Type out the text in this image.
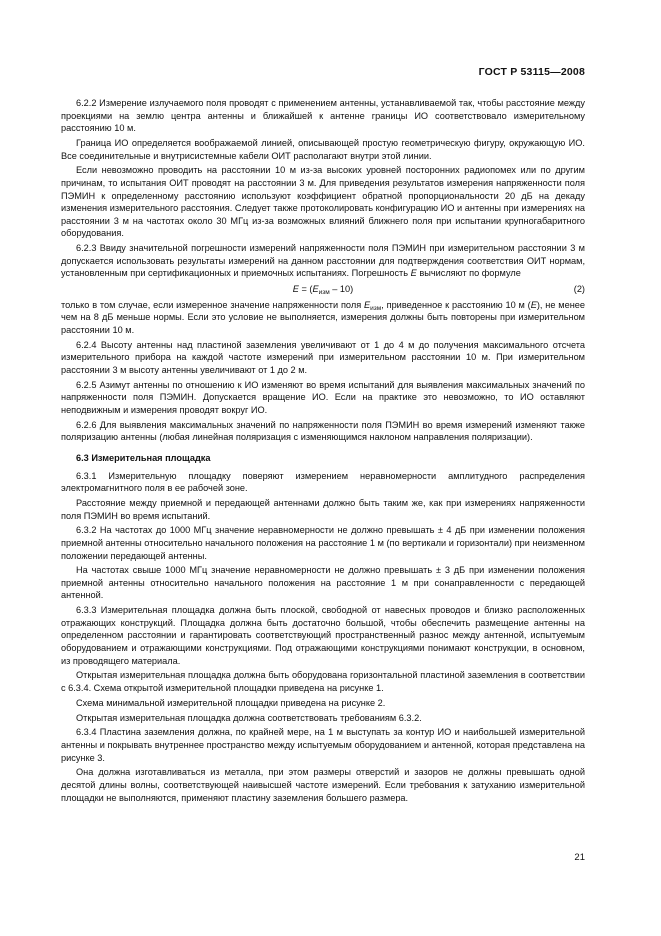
ГОСТ Р 53115—2008

6.2.2 Измерение излучаемого поля проводят с применением антенны, устанавливаемой так, чтобы расстояние между проекциями на землю центра антенны и ближайшей к антенне границы ИО соответствовало измерительному расстоянию 10 м.

Граница ИО определяется воображаемой линией, описывающей простую геометрическую фигуру, окружающую ИО. Все соединительные и внутрисистемные кабели ОИТ располагают внутри этой линии.

Если невозможно проводить на расстоянии 10 м из-за высоких уровней посторонних радиопомех или по другим причинам, то испытания ОИТ проводят на расстоянии 3 м. Для приведения результатов измерения напряженности поля ПЭМИН к определенному расстоянию используют коэффициент обратной пропорциональности 20 дБ на декаду изменения измерительного расстояния. Следует также протоколировать конфигурацию ИО и антенны при измерениях на расстоянии 3 м на частотах около 30 МГц из-за возможных влияний ближнего поля при испытании крупногабаритного оборудования.

6.2.3 Ввиду значительной погрешности измерений напряженности поля ПЭМИН при измерительном расстоянии 3 м допускается использовать результаты измерений на данном расстоянии для подтверждения соответствия ОИТ нормам, установленным при сертификационных и приемочных испытаниях. Погрешность E вычисляют по формуле

$E = (E_{изм} - 10)$	(2)

только в том случае, если измеренное значение напряженности поля $E_{изм}$, приведенное к расстоянию 10 м (E), не менее чем на 8 дБ меньше нормы. Если это условие не выполняется, измерения должны быть повторены при измерительном расстоянии 10 м.

6.2.4 Высоту антенны над пластиной заземления увеличивают от 1 до 4 м до получения максимального отсчета измерительного прибора на каждой частоте измерений при измерительном расстоянии 10 м. При измерительном расстоянии 3 м высоту антенны увеличивают от 1 до 2 м.

6.2.5 Азимут антенны по отношению к ИО изменяют во время испытаний для выявления максимальных значений по напряженности поля ПЭМИН. Допускается вращение ИО. Если на практике это невозможно, то ИО оставляют неподвижным и измерения проводят вокруг ИО.

6.2.6 Для выявления максимальных значений по напряженности поля ПЭМИН во время измерений изменяют также поляризацию антенны (любая линейная поляризация с изменяющимся наклоном направления поляризации).

6.3 Измерительная площадка

6.3.1 Измерительную площадку поверяют измерением неравномерности амплитудного распределения электромагнитного поля в ее рабочей зоне.

Расстояние между приемной и передающей антеннами должно быть таким же, как при измерениях напряженности поля ПЭМИН во время испытаний.

6.3.2 На частотах до 1000 МГц значение неравномерности не должно превышать ± 4 дБ при изменении положения приемной антенны относительно начального положения на расстояние 1 м (по вертикали и горизонтали) при неизменном положении передающей антенны.

На частотах свыше 1000 МГц значение неравномерности не должно превышать ± 3 дБ при изменении положения приемной антенны относительно начального положения на расстояние 1 м при сонаправленности с передающей антенной.

6.3.3 Измерительная площадка должна быть плоской, свободной от навесных проводов и близко расположенных отражающих конструкций. Площадка должна быть достаточно большой, чтобы обеспечить размещение антенны на определенном расстоянии и гарантировать соответствующий пространственный разнос между антенной, испытуемым оборудованием и отражающими конструкциями. Под отражающими конструкциями понимают конструкции, в основном, из проводящего материала.

Открытая измерительная площадка должна быть оборудована горизонтальной пластиной заземления в соответствии с 6.3.4. Схема открытой измерительной площадки приведена на рисунке 1.

Схема минимальной измерительной площадки приведена на рисунке 2.

Открытая измерительная площадка должна соответствовать требованиям 6.3.2.

6.3.4 Пластина заземления должна, по крайней мере, на 1 м выступать за контур ИО и наибольшей измерительной антенны и покрывать внутреннее пространство между испытуемым оборудованием и антенной, которая представлена на рисунке 3.

Она должна изготавливаться из металла, при этом размеры отверстий и зазоров не должны превышать одной десятой длины волны, соответствующей наивысшей частоте измерений. Если требования к затуханию измерительной площадки не выполняются, применяют пластину заземления большего размера.

21
